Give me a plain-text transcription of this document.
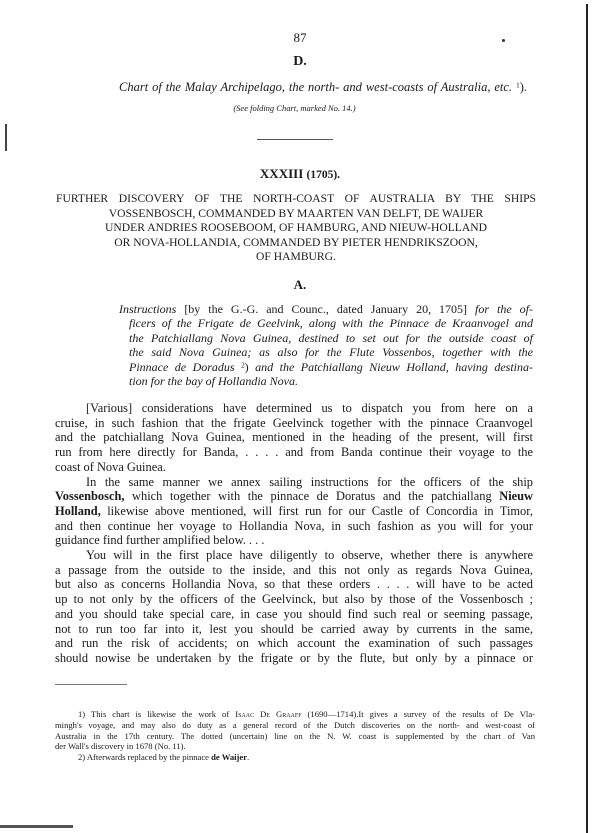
87
D.
Chart of the Malay Archipelago, the north- and west-coasts of Australia, etc. $^1$).
(See folding Chart, marked No. 14.)
XXXIII (1705).
FURTHER DISCOVERY OF THE NORTH-COAST OF AUSTRALIA BY THE SHIPS
VOSSENBOSCH, COMMANDED BY MAARTEN VAN DELFT, DE WAIJER
UNDER ANDRIES ROOSEBOOM, OF HAMBURG, AND NIEUW-HOLLAND
OR NOVA-HOLLANDIA, COMMANDED BY PIETER HENDRIKSZOON,
OF HAMBURG.
A.
Instructions [by the G.-G. and Counc., dated January 20, 1705] for the of-
ficers of the Frigate de Geelvink, along with the Pinnace de Kraanvogel and
the Patchiallang Nova Guinea, destined to set out for the outside coast of
the said Nova Guinea; as also for the Flute Vossenbos, together with the
Pinnace de Doradus $^2$) and the Patchiallang Nieuw Holland, having destina-
tion for the bay of Hollandia Nova.
[Various] considerations have determined us to dispatch you from here on a
cruise, in such fashion that the frigate Geelvinck together with the pinnace Craanvogel
and the patchiallang Nova Guinea, mentioned in the heading of the present, will first
run from here directly for Banda, . . . . and from Banda continue their voyage to the
coast of Nova Guinea.
In the same manner we annex sailing instructions for the officers of the ship
Vossenbosch, which together with the pinnace de Doratus and the patchiallang Nieuw
Holland, likewise above mentioned, will first run for our Castle of Concordia in Timor,
and then continue her voyage to Hollandia Nova, in such fashion as you will for your
guidance find further amplified below. . . .
You will in the first place have diligently to observe, whether there is anywhere
a passage from the outside to the inside, and this not only as regards Nova Guinea,
but also as concerns Hollandia Nova, so that these orders . . . . will have to be acted
up to not only by the officers of the Geelvinck, but also by those of the Vossenbosch ;
and you should take special care, in case you should find such real or seeming passage,
not to run too far into it, lest you should be carried away by currents in the same,
and run the risk of accidents; on which account the examination of such passages
should nowise be undertaken by the frigate or by the flute, but only by a pinnace or
1) This chart is likewise the work of Isaac De Graaff (1690—1714).It gives a survey of the results of De Vla-
mingh's voyage, and may also do duty as a general record of the Dutch discoveries on the north- and west-coast of
Australia in the 17th century. The dotted (uncertain) line on the N. W. coast is supplemented by the chart of Van
der Wall's discovery in 1678 (No. 11).
2) Afterwards replaced by the pinnace de Waijer.
